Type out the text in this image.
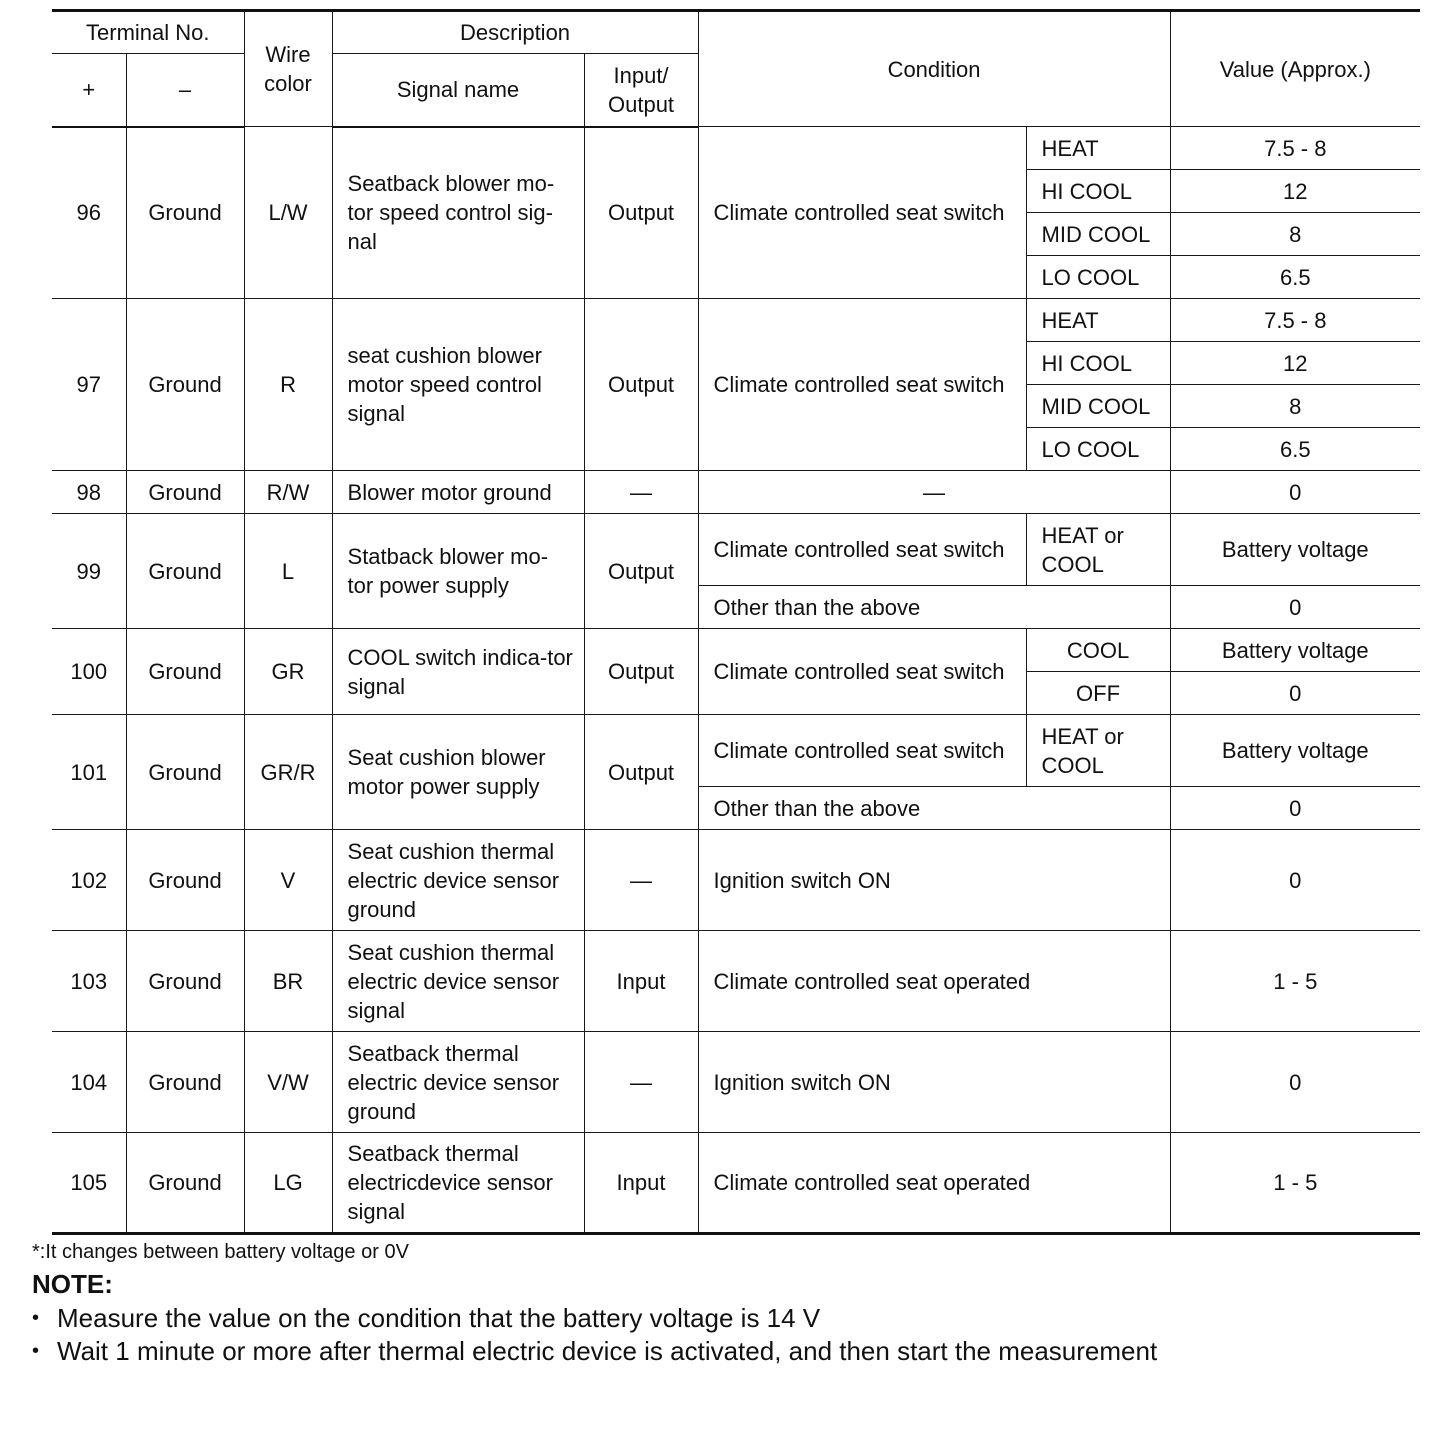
Terminal No.		Wire color	Description		Condition		Value (Approx.)
+	–		Signal name	Input/ Output			
96	Ground	L/W	Seatback blower mo-tor speed control sig-nal	Output	Climate controlled seat switch	HEAT	7.5 - 8
						HI COOL	12
						MID COOL	8
						LO COOL	6.5
97	Ground	R	seat cushion blower motor speed control signal	Output	Climate controlled seat switch	HEAT	7.5 - 8
						HI COOL	12
						MID COOL	8
						LO COOL	6.5
98	Ground	R/W	Blower motor ground	—	—		0
99	Ground	L	Statback blower mo-tor power supply	Output	Climate controlled seat switch	HEAT or COOL	Battery voltage
					Other than the above		0
100	Ground	GR	COOL switch indica-tor signal	Output	Climate controlled seat switch	COOL	Battery voltage
						OFF	0
101	Ground	GR/R	Seat cushion blower motor power supply	Output	Climate controlled seat switch	HEAT or COOL	Battery voltage
					Other than the above		0
102	Ground	V	Seat cushion thermal electric device sensor ground	—	Ignition switch ON		0
103	Ground	BR	Seat cushion thermal electric device sensor signal	Input	Climate controlled seat operated		1 - 5
104	Ground	V/W	Seatback thermal electric device sensor ground	—	Ignition switch ON		0
105	Ground	LG	Seatback thermal electricdevice sensor signal	Input	Climate controlled seat operated		1 - 5
*:It changes between battery voltage or 0V
NOTE:
• Measure the value on the condition that the battery voltage is 14 V
• Wait 1 minute or more after thermal electric device is activated, and then start the measurement
